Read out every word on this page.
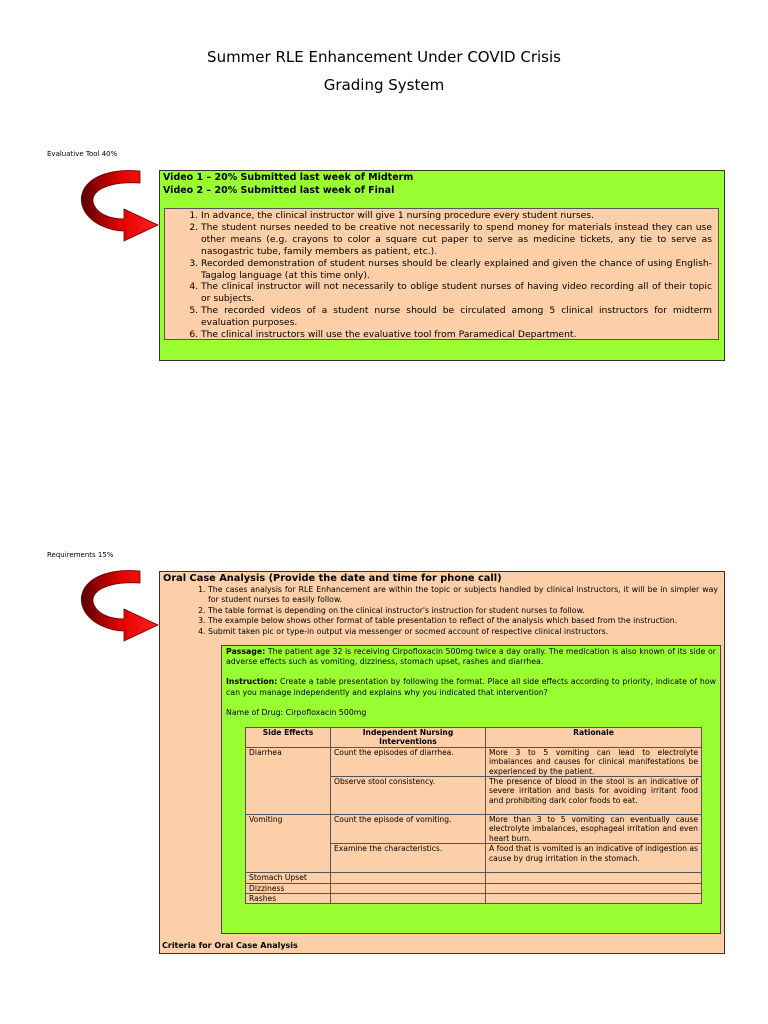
Summer RLE Enhancement Under COVID Crisis
Grading System
Evaluative Tool 40%
Video 1 – 20% Submitted last week of Midterm
Video 2 – 20% Submitted last week of Final
1. In advance, the clinical instructor will give 1 nursing procedure every student nurses.
2. The student nurses needed to be creative not necessarily to spend money for materials instead they can use other means (e.g. crayons to color a square cut paper to serve as medicine tickets, any tie to serve as nasogastric tube, family members as patient, etc.).
3. Recorded demonstration of student nurses should be clearly explained and given the chance of using English-Tagalog language (at this time only).
4. The clinical instructor will not necessarily to oblige student nurses of having video recording all of their topic or subjects.
5. The recorded videos of a student nurse should be circulated among 5 clinical instructors for midterm evaluation purposes.
6. The clinical instructors will use the evaluative tool from Paramedical Department.
Requirements 15%
Oral Case Analysis (Provide the date and time for phone call)
1. The cases analysis for RLE Enhancement are within the topic or subjects handled by clinical instructors, it will be in simpler way for student nurses to easily follow.
2. The table format is depending on the clinical instructor's instruction for student nurses to follow.
3. The example below shows other format of table presentation to reflect of the analysis which based from the instruction.
4. Submit taken pic or type-in output via messenger or socmed account of respective clinical instructors.

Passage: The patient age 32 is receiving Cirpofloxacin 500mg twice a day orally. The medication is also known of its side or adverse effects such as vomiting, dizziness, stomach upset, rashes and diarrhea.

Instruction: Create a table presentation by following the format. Place all side effects according to priority, indicate of how can you manage independently and explains why you indicated that intervention?

Name of Drug: Cirpofloxacin 500mg

Side Effects	Independent Nursing Interventions	Rationale
Diarrhea	Count the episodes of diarrhea.	More 3 to 5 vomiting can lead to electrolyte imbalances and causes for clinical manifestations be experienced by the patient.
	Observe stool consistency.	The presence of blood in the stool is an indicative of severe irritation and basis for avoiding irritant food and prohibiting dark color foods to eat.
Vomiting	Count the episode of vomiting.	More than 3 to 5 vomiting can eventually cause electrolyte imbalances, esophageal irritation and even heart burn.
	Examine the characteristics.	A food that is vomited is an indicative of indigestion as cause by drug irritation in the stomach.
Stomach Upset		
Dizziness		
Rashes		
Criteria for Oral Case Analysis
